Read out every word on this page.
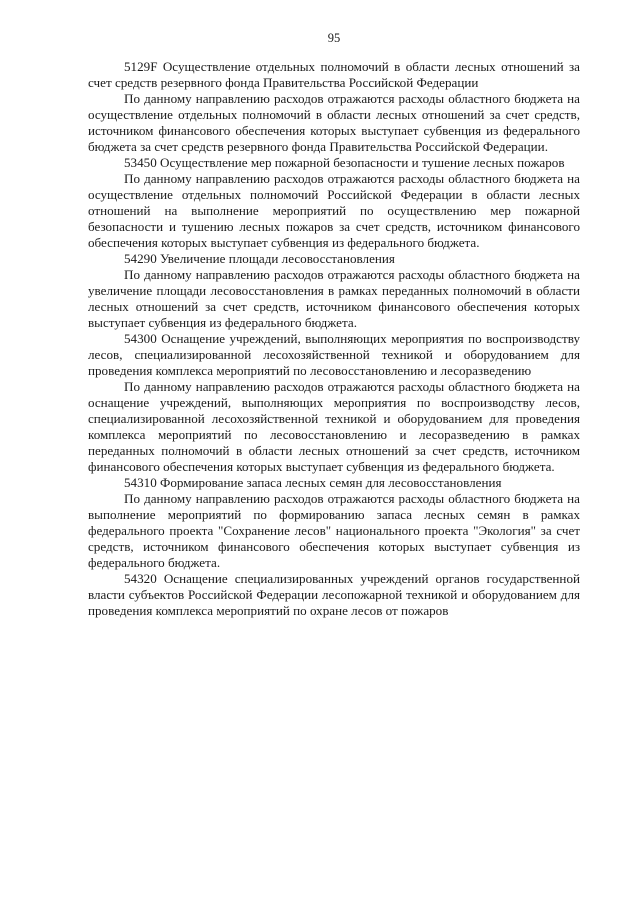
95

5129F Осуществление отдельных полномочий в области лесных отношений за счет средств резервного фонда Правительства Российской Федерации

По данному направлению расходов отражаются расходы областного бюджета на осуществление отдельных полномочий в области лесных отношений за счет средств, источником финансового обеспечения которых выступает субвенция из федерального бюджета за счет средств резервного фонда Правительства Российской Федерации.

53450 Осуществление мер пожарной безопасности и тушение лесных пожаров

По данному направлению расходов отражаются расходы областного бюджета на осуществление отдельных полномочий Российской Федерации в области лесных отношений на выполнение мероприятий по осуществлению мер пожарной безопасности и тушению лесных пожаров за счет средств, источником финансового обеспечения которых выступает субвенция из федерального бюджета.

54290 Увеличение площади лесовосстановления

По данному направлению расходов отражаются расходы областного бюджета на увеличение площади лесовосстановления в рамках переданных полномочий в области лесных отношений за счет средств, источником финансового обеспечения которых выступает субвенция из федерального бюджета.

54300 Оснащение учреждений, выполняющих мероприятия по воспроизводству лесов, специализированной лесохозяйственной техникой и оборудованием для проведения комплекса мероприятий по лесовосстановлению и лесоразведению

По данному направлению расходов отражаются расходы областного бюджета на оснащение учреждений, выполняющих мероприятия по воспроизводству лесов, специализированной лесохозяйственной техникой и оборудованием для проведения комплекса мероприятий по лесовосстановлению и лесоразведению в рамках переданных полномочий в области лесных отношений за счет средств, источником финансового обеспечения которых выступает субвенция из федерального бюджета.

54310 Формирование запаса лесных семян для лесовосстановления

По данному направлению расходов отражаются расходы областного бюджета на выполнение мероприятий по формированию запаса лесных семян в рамках федерального проекта "Сохранение лесов" национального проекта "Экология" за счет средств, источником финансового обеспечения которых выступает субвенция из федерального бюджета.

54320 Оснащение специализированных учреждений органов государственной власти субъектов Российской Федерации лесопожарной техникой и оборудованием для проведения комплекса мероприятий по охране лесов от пожаров
